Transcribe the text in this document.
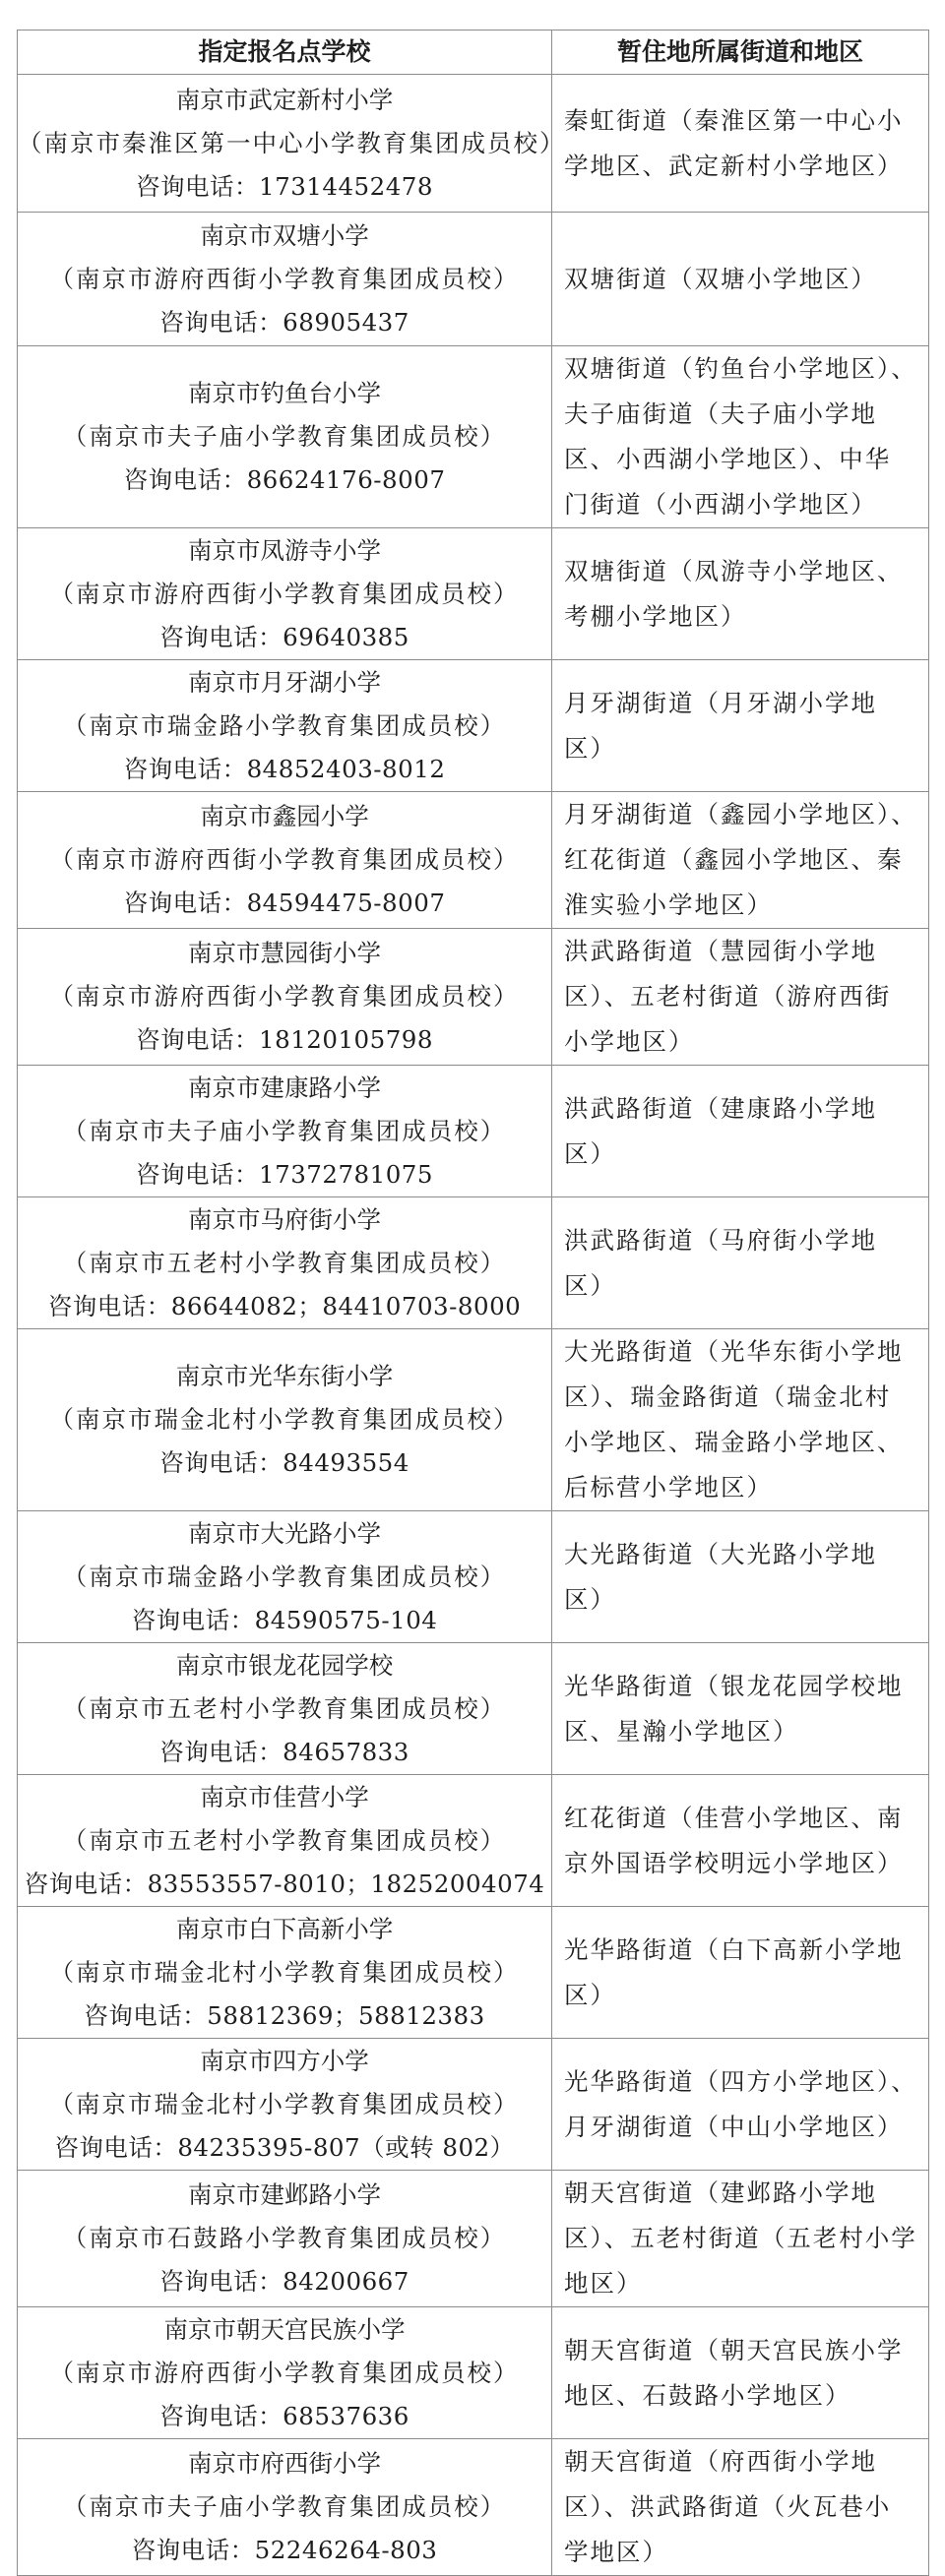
指定报名点学校	暂住地所属街道和地区

南京市武定新村小学
（南京市秦淮区第一中心小学教育集团成员校）
咨询电话：17314452478	秦虹街道（秦淮区第一中心小
学地区、武定新村小学地区）

南京市双塘小学
（南京市游府西街小学教育集团成员校）
咨询电话：68905437	双塘街道（双塘小学地区）

南京市钓鱼台小学
（南京市夫子庙小学教育集团成员校）
咨询电话：86624176-8007	双塘街道（钓鱼台小学地区）、
夫子庙街道（夫子庙小学地
区、小西湖小学地区）、中华
门街道（小西湖小学地区）

南京市凤游寺小学
（南京市游府西街小学教育集团成员校）
咨询电话：69640385	双塘街道（凤游寺小学地区、
考棚小学地区）

南京市月牙湖小学
（南京市瑞金路小学教育集团成员校）
咨询电话：84852403-8012	月牙湖街道（月牙湖小学地
区）

南京市鑫园小学
（南京市游府西街小学教育集团成员校）
咨询电话：84594475-8007	月牙湖街道（鑫园小学地区）、
红花街道（鑫园小学地区、秦
淮实验小学地区）

南京市慧园街小学
（南京市游府西街小学教育集团成员校）
咨询电话：18120105798	洪武路街道（慧园街小学地
区）、五老村街道（游府西街
小学地区）

南京市建康路小学
（南京市夫子庙小学教育集团成员校）
咨询电话：17372781075	洪武路街道（建康路小学地
区）

南京市马府街小学
（南京市五老村小学教育集团成员校）
咨询电话：86644082；84410703-8000	洪武路街道（马府街小学地
区）

南京市光华东街小学
（南京市瑞金北村小学教育集团成员校）
咨询电话：84493554	大光路街道（光华东街小学地
区）、瑞金路街道（瑞金北村
小学地区、瑞金路小学地区、
后标营小学地区）

南京市大光路小学
（南京市瑞金路小学教育集团成员校）
咨询电话：84590575-104	大光路街道（大光路小学地
区）

南京市银龙花园学校
（南京市五老村小学教育集团成员校）
咨询电话：84657833	光华路街道（银龙花园学校地
区、星瀚小学地区）

南京市佳营小学
（南京市五老村小学教育集团成员校）
咨询电话：83553557-8010；18252004074	红花街道（佳营小学地区、南
京外国语学校明远小学地区）

南京市白下高新小学
（南京市瑞金北村小学教育集团成员校）
咨询电话：58812369；58812383	光华路街道（白下高新小学地
区）

南京市四方小学
（南京市瑞金北村小学教育集团成员校）
咨询电话：84235395-807（或转 802）	光华路街道（四方小学地区）、
月牙湖街道（中山小学地区）

南京市建邺路小学
（南京市石鼓路小学教育集团成员校）
咨询电话：84200667	朝天宫街道（建邺路小学地
区）、五老村街道（五老村小学
地区）

南京市朝天宫民族小学
（南京市游府西街小学教育集团成员校）
咨询电话：68537636	朝天宫街道（朝天宫民族小学
地区、石鼓路小学地区）

南京市府西街小学
（南京市夫子庙小学教育集团成员校）
咨询电话：52246264-803	朝天宫街道（府西街小学地
区）、洪武路街道（火瓦巷小
学地区）
